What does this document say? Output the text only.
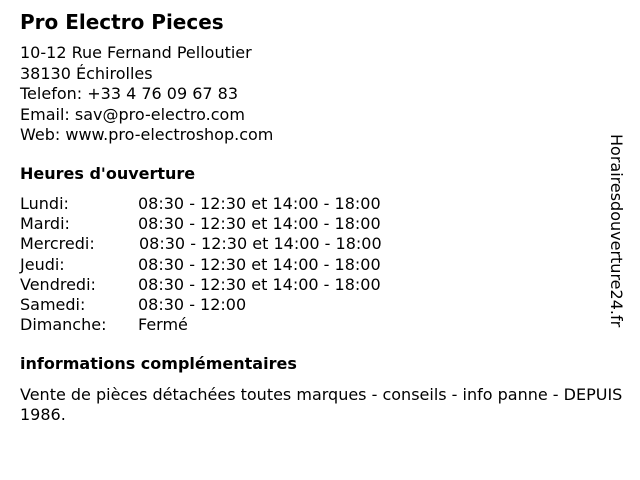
Pro Electro Pieces
10-12 Rue Fernand Pelloutier
38130 Échirolles
Telefon: +33 4 76 09 67 83
Email: sav@pro-electro.com
Web: www.pro-electroshop.com
Heures d'ouverture
Lundi:	08:30 - 12:30 et 14:00 - 18:00
Mardi:	08:30 - 12:30 et 14:00 - 18:00
Mercredi:	08:30 - 12:30 et 14:00 - 18:00
Jeudi:	08:30 - 12:30 et 14:00 - 18:00
Vendredi:	08:30 - 12:30 et 14:00 - 18:00
Samedi:	08:30 - 12:00
Dimanche: Fermé
informations complémentaires
Vente de pièces détachées toutes marques - conseils - info panne - DEPUIS 1986.
Horairesdouverture24.fr
